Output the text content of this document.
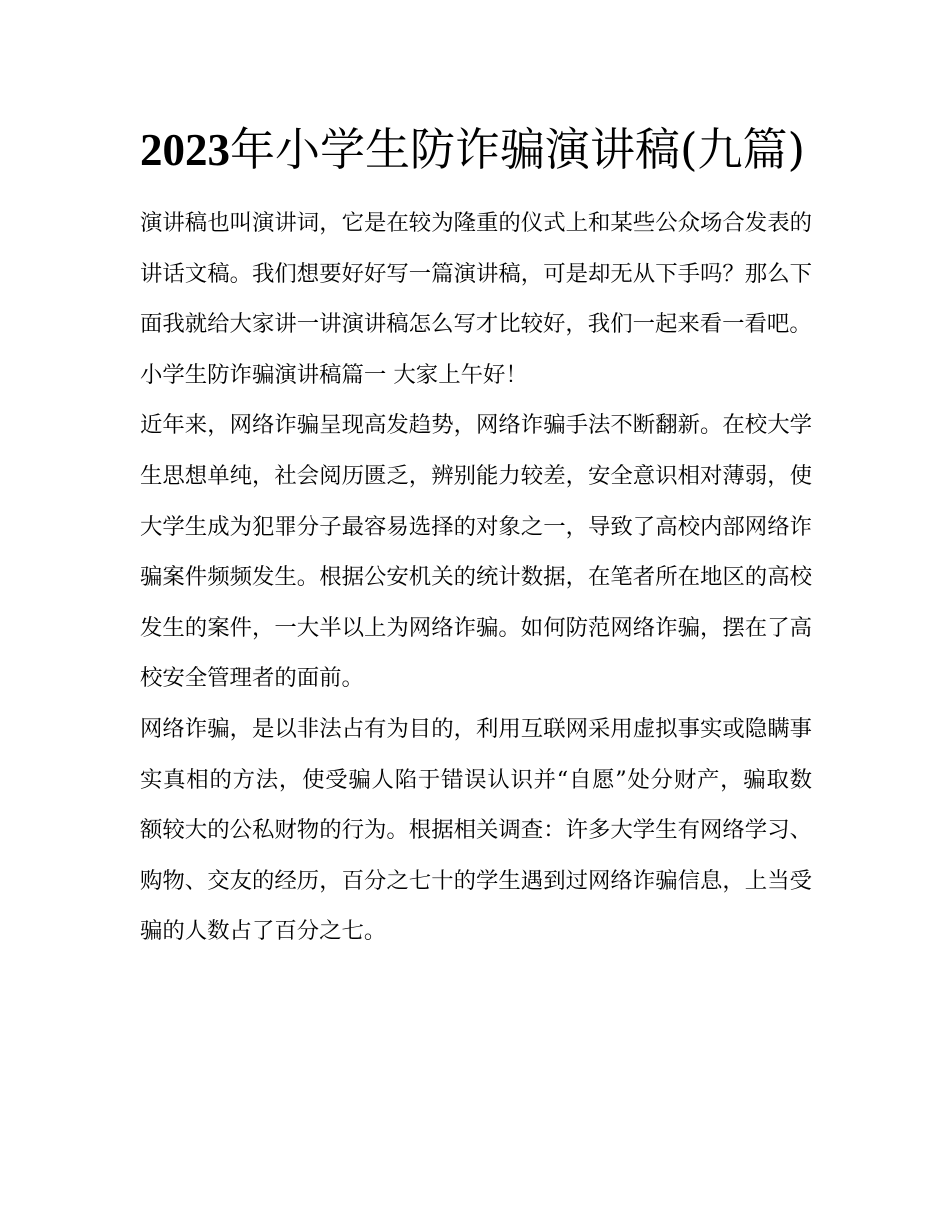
2023年小学生防诈骗演讲稿(九篇)

演讲稿也叫演讲词，它是在较为隆重的仪式上和某些公众场合发表的讲话文稿。我们想要好好写一篇演讲稿，可是却无从下手吗？那么下面我就给大家讲一讲演讲稿怎么写才比较好，我们一起来看一看吧。

小学生防诈骗演讲稿篇一 大家上午好！

近年来，网络诈骗呈现高发趋势，网络诈骗手法不断翻新。在校大学生思想单纯，社会阅历匮乏，辨别能力较差，安全意识相对薄弱，使大学生成为犯罪分子最容易选择的对象之一，导致了高校内部网络诈骗案件频频发生。根据公安机关的统计数据，在笔者所在地区的高校发生的案件，一大半以上为网络诈骗。如何防范网络诈骗，摆在了高校安全管理者的面前。

网络诈骗，是以非法占有为目的，利用互联网采用虚拟事实或隐瞒事实真相的方法，使受骗人陷于错误认识并“自愿”处分财产，骗取数额较大的公私财物的行为。根据相关调查：许多大学生有网络学习、购物、交友的经历，百分之七十的学生遇到过网络诈骗信息，上当受骗的人数占了百分之七。
